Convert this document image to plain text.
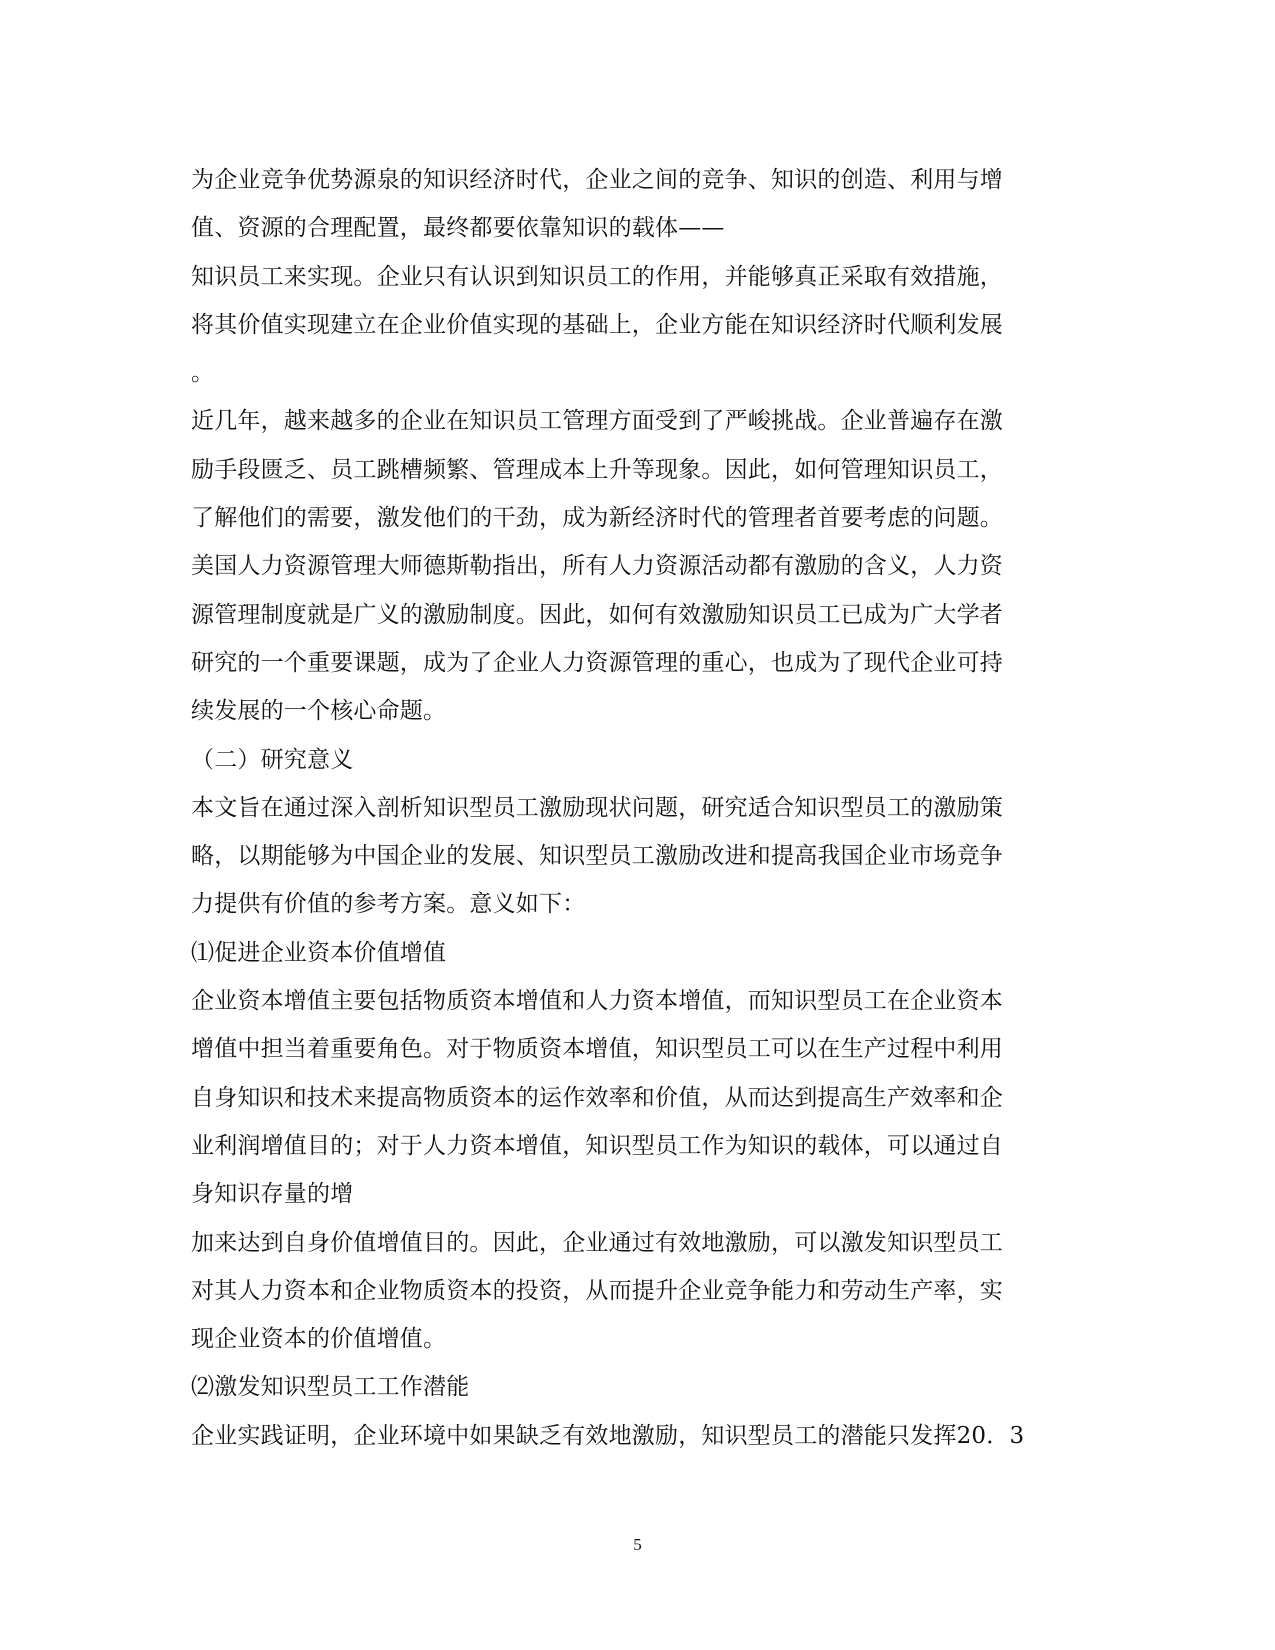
为企业竞争优势源泉的知识经济时代，企业之间的竞争、知识的创造、利用与增
值、资源的合理配置，最终都要依靠知识的载体——
知识员工来实现。企业只有认识到知识员工的作用，并能够真正采取有效措施，
将其价值实现建立在企业价值实现的基础上，企业方能在知识经济时代顺利发展
。
近几年，越来越多的企业在知识员工管理方面受到了严峻挑战。企业普遍存在激
励手段匮乏、员工跳槽频繁、管理成本上升等现象。因此，如何管理知识员工，
了解他们的需要，激发他们的干劲，成为新经济时代的管理者首要考虑的问题。
美国人力资源管理大师德斯勒指出，所有人力资源活动都有激励的含义，人力资
源管理制度就是广义的激励制度。因此，如何有效激励知识员工已成为广大学者
研究的一个重要课题，成为了企业人力资源管理的重心，也成为了现代企业可持
续发展的一个核心命题。
（二）研究意义
本文旨在通过深入剖析知识型员工激励现状问题，研究适合知识型员工的激励策
略，以期能够为中国企业的发展、知识型员工激励改进和提高我国企业市场竞争
力提供有价值的参考方案。意义如下：
⑴促进企业资本价值增值
企业资本增值主要包括物质资本增值和人力资本增值，而知识型员工在企业资本
增值中担当着重要角色。对于物质资本增值，知识型员工可以在生产过程中利用
自身知识和技术来提高物质资本的运作效率和价值，从而达到提高生产效率和企
业利润增值目的；对于人力资本增值，知识型员工作为知识的载体，可以通过自
身知识存量的增
加来达到自身价值增值目的。因此，企业通过有效地激励，可以激发知识型员工
对其人力资本和企业物质资本的投资，从而提升企业竞争能力和劳动生产率，实
现企业资本的价值增值。
⑵激发知识型员工工作潜能
企业实践证明，企业环境中如果缺乏有效地激励，知识型员工的潜能只发挥20．3
5
